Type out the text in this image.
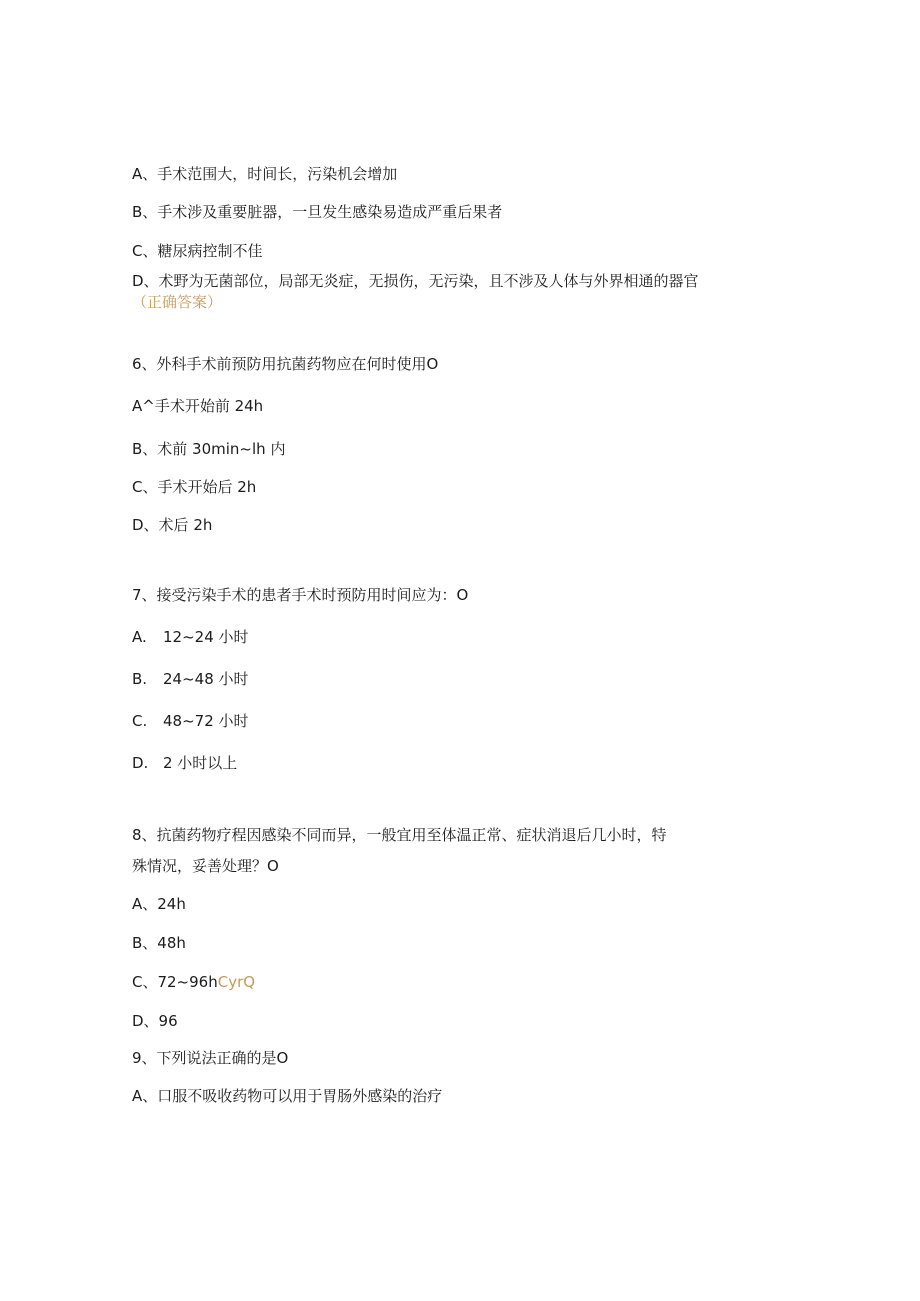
A、手术范围大，时间长，污染机会增加
B、手术涉及重要脏器，一旦发生感染易造成严重后果者
C、糖尿病控制不佳
D、术野为无菌部位，局部无炎症，无损伤，无污染，且不涉及人体与外界相通的器官
（正确答案）
6、外科手术前预防用抗菌药物应在何时使用O
A^手术开始前 24h
B、术前 30min~lh 内
C、手术开始后 2h
D、术后 2h
7、接受污染手术的患者手术时预防用时间应为：O
A. 12~24 小时
B. 24~48 小时
C. 48~72 小时
D. 2 小时以上
8、抗菌药物疗程因感染不同而异，一般宜用至体温正常、症状消退后几小时，特
殊情况，妥善处理？O
A、24h
B、48h
C、72~96hCyrQ
D、96
9、下列说法正确的是O
A、口服不吸收药物可以用于胃肠外感染的治疗
